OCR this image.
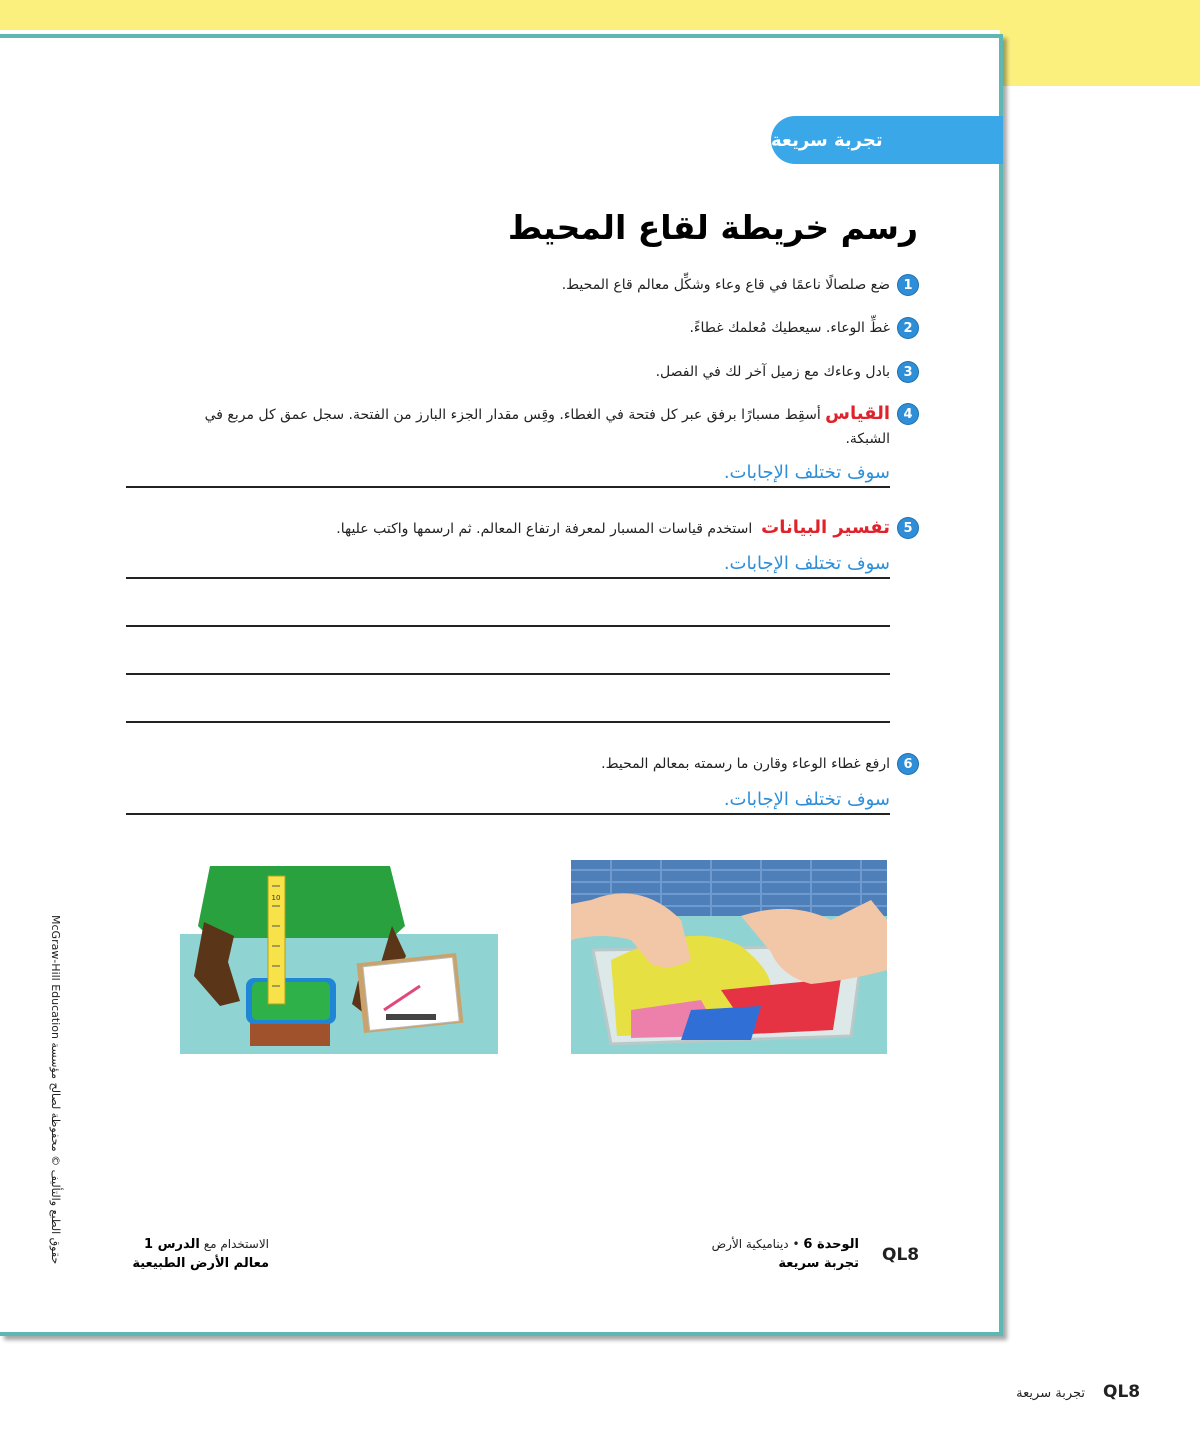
تجربة سريعة
رسم خريطة لقاع المحيط
1
ضع صلصالًا ناعمًا في قاع وعاء وشكِّل معالم قاع المحيط.
2
غطِّ الوعاء. سيعطيك مُعلمك غطاءً.
3
بادل وعاءك مع زميل آخر لك في الفصل.
4
القياس أسقِط مسبارًا برفق عبر كل فتحة في الغطاء. وقِس مقدار الجزء البارز من الفتحة. سجل عمق كل مربع في الشبكة.
سوف تختلف الإجابات.
5
تفسير البيانات  استخدم قياسات المسبار لمعرفة ارتفاع المعالم. ثم ارسمها واكتب عليها.
سوف تختلف الإجابات.
6
ارفع غطاء الوعاء وقارن ما رسمته بمعالم المحيط.
سوف تختلف الإجابات.
10
McGraw-Hill Education حقوق الطبع والتأليف © محفوظة لصالح مؤسسة	الوحدة 6 • ديناميكية الأرض
تجربة سريعة QL8
الاستخدام مع الدرس 1
معالم الأرض الطبيعية
تجربة سريعة QL8
